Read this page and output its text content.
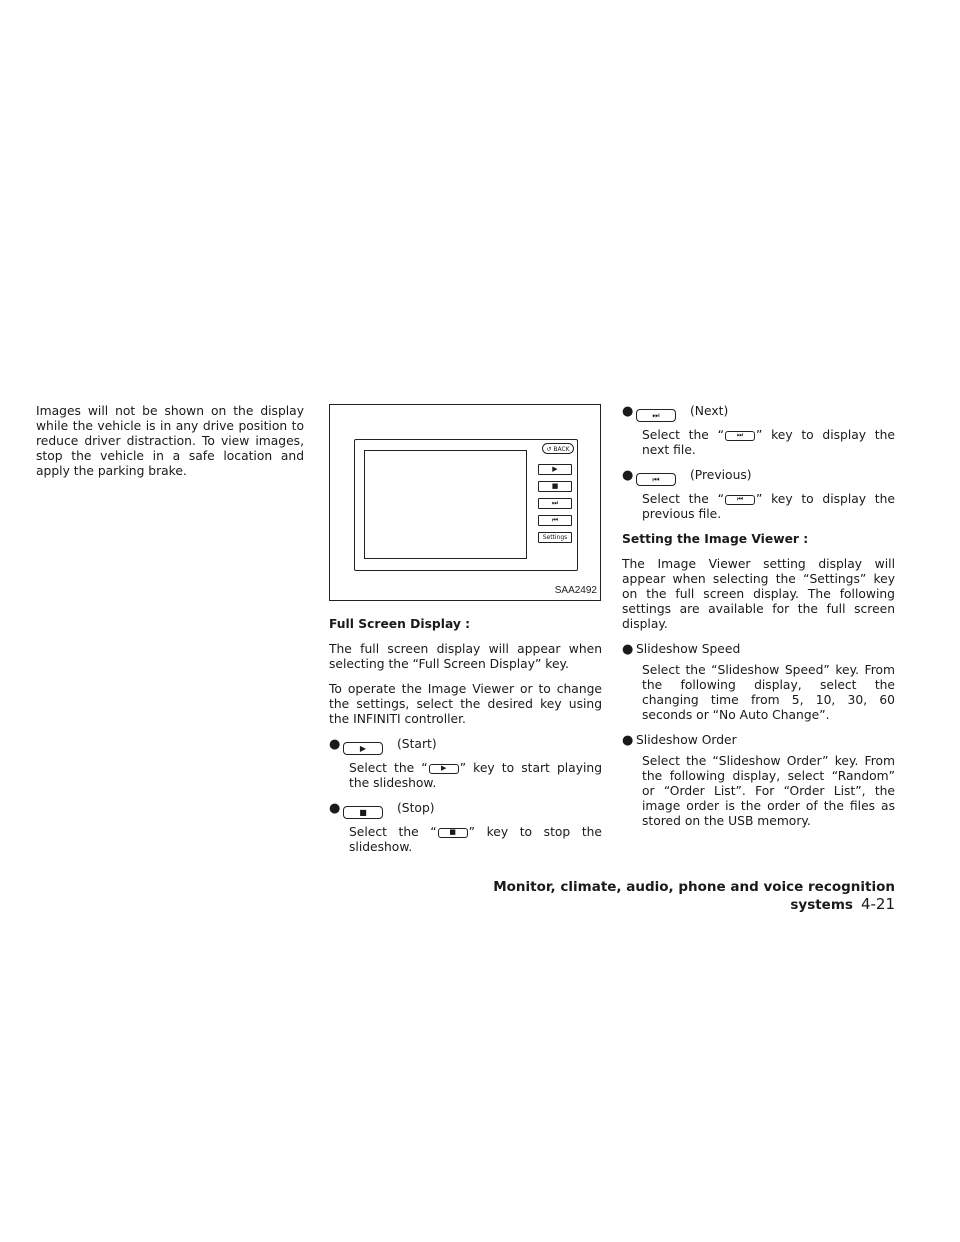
Images will not be shown on the display while the vehicle is in any drive position to reduce driver distraction. To view images, stop the vehicle in a safe location and apply the parking brake.

↺ BACK
▶
■
⏭
⏮
Settings
SAA2492
Full Screen Display :

The full screen display will appear when selecting the “Full Screen Display” key.

To operate the Image Viewer or to change the settings, select the desired key using the INFINITI controller.

●	▶	(Start)

Select the “ ▶ ” key to start playing the slideshow.

●	■	(Stop)

Select the “ ■ ” key to stop the slideshow.

●	⏭	(Next)

Select the “ ⏭ ” key to display the next file.

●	⏮	(Previous)

Select the “ ⏮ ” key to display the previous file.

Setting the Image Viewer :

The Image Viewer setting display will appear when selecting the “Settings” key on the full screen display. The following settings are available for the full screen display.

● Slideshow Speed

Select the “Slideshow Speed” key. From the following display, select the changing time from 5, 10, 30, 60 seconds or “No Auto Change”.

● Slideshow Order

Select the “Slideshow Order” key. From the following display, select “Random” or “Order List”. For “Order List”, the image order is the order of the files as stored on the USB memory.

Monitor, climate, audio, phone and voice recognition systems 4-21
